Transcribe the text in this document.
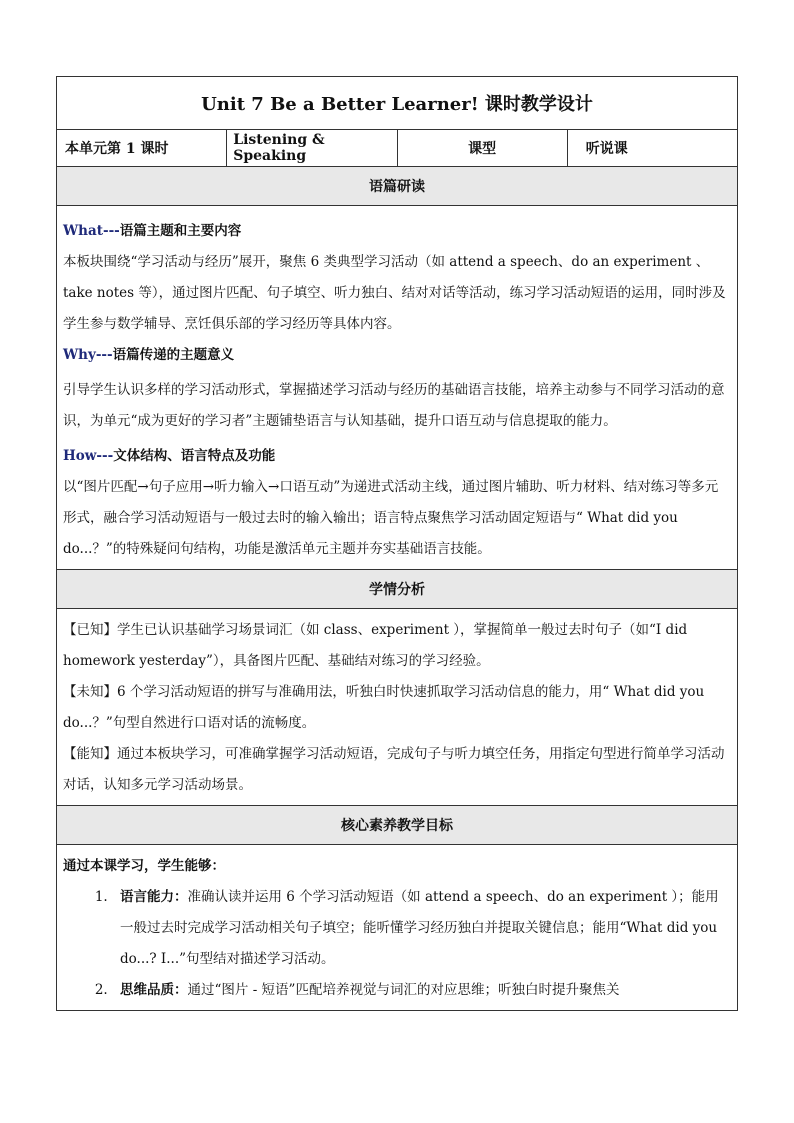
Unit 7 Be a Better Learner! 课时教学设计
本单元第 1 课时	Listening & Speaking	课型	听说课
语篇研读

What---语篇主题和主要内容

本板块围绕“学习活动与经历”展开，聚焦 6 类典型学习活动（如 attend a speech、do an experiment 、take notes 等），通过图片匹配、句子填空、听力独白、结对对话等活动，练习学习活动短语的运用，同时涉及学生参与数学辅导、烹饪俱乐部的学习经历等具体内容。

Why---语篇传递的主题意义

引导学生认识多样的学习活动形式，掌握描述学习活动与经历的基础语言技能，培养主动参与不同学习活动的意识，为单元“成为更好的学习者”主题铺垫语言与认知基础，提升口语互动与信息提取的能力。

How---文体结构、语言特点及功能

以“图片匹配→句子应用→听力输入→口语互动”为递进式活动主线，通过图片辅助、听力材料、结对练习等多元形式，融合学习活动短语与一般过去时的输入输出；语言特点聚焦学习活动固定短语与“ What did you do...？”的特殊疑问句结构，功能是激活单元主题并夯实基础语言技能。

学情分析

【已知】学生已认识基础学习场景词汇（如 class、experiment ），掌握简单一般过去时句子（如“I did homework yesterday”），具备图片匹配、基础结对练习的学习经验。

【未知】6 个学习活动短语的拼写与准确用法，听独白时快速抓取学习活动信息的能力，用“ What did you do...？”句型自然进行口语对话的流畅度。

【能知】通过本板块学习，可准确掌握学习活动短语，完成句子与听力填空任务，用指定句型进行简单学习活动对话，认知多元学习活动场景。

核心素养教学目标

通过本课学习，学生能够：

1. 语言能力：准确认读并运用 6 个学习活动短语（如 attend a speech、do an experiment ）；能用一般过去时完成学习活动相关句子填空；能听懂学习经历独白并提取关键信息；能用“What did you do...? I...”句型结对描述学习活动。
2. 思维品质：通过“图片 - 短语”匹配培养视觉与词汇的对应思维；听独白时提升聚焦关
